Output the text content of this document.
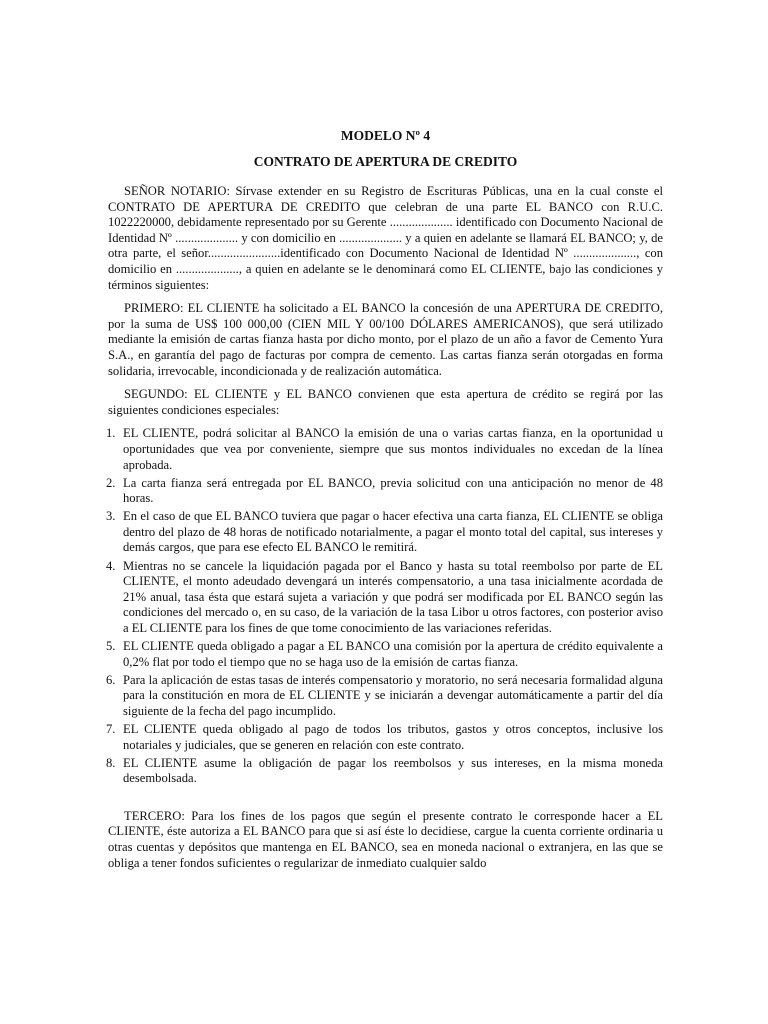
MODELO Nº 4
CONTRATO DE APERTURA DE CREDITO

SEÑOR NOTARIO: Sírvase extender en su Registro de Escrituras Públicas, una en la cual conste el CONTRATO DE APERTURA DE CREDITO que celebran de una parte EL BANCO con R.U.C. 1022220000, debidamente representado por su Gerente .................... identificado con Documento Nacional de Identidad Nº .................... y con domicilio en .................... y a quien en adelante se llamará EL BANCO; y, de otra parte, el señor.......................identificado con Documento Nacional de Identidad Nº ...................., con domicilio en ...................., a quien en adelante se le denominará como EL CLIENTE, bajo las condiciones y términos siguientes:

PRIMERO: EL CLIENTE ha solicitado a EL BANCO la concesión de una APERTURA DE CREDITO, por la suma de US$ 100 000,00 (CIEN MIL Y 00/100 DÓLARES AMERICANOS), que será utilizado mediante la emisión de cartas fianza hasta por dicho monto, por el plazo de un año a favor de Cemento Yura S.A., en garantía del pago de facturas por compra de cemento. Las cartas fianza serán otorgadas en forma solidaria, irrevocable, incondicionada y de realización automática.

SEGUNDO: EL CLIENTE y EL BANCO convienen que esta apertura de crédito se regirá por las siguientes condiciones especiales:

1. EL CLIENTE, podrá solicitar al BANCO la emisión de una o varias cartas fianza, en la oportunidad u oportunidades que vea por conveniente, siempre que sus montos individuales no excedan de la línea aprobada.
2. La carta fianza será entregada por EL BANCO, previa solicitud con una anticipación no menor de 48 horas.
3. En el caso de que EL BANCO tuviera que pagar o hacer efectiva una carta fianza, EL CLIENTE se obliga dentro del plazo de 48 horas de notificado notarialmente, a pagar el monto total del capital, sus intereses y demás cargos, que para ese efecto EL BANCO le remitirá.
4. Mientras no se cancele la liquidación pagada por el Banco y hasta su total reembolso por parte de EL CLIENTE, el monto adeudado devengará un interés compensatorio, a una tasa inicialmente acordada de 21% anual, tasa ésta que estará sujeta a variación y que podrá ser modificada por EL BANCO según las condiciones del mercado o, en su caso, de la variación de la tasa Libor u otros factores, con posterior aviso a EL CLIENTE para los fines de que tome conocimiento de las variaciones referidas.
5. EL CLIENTE queda obligado a pagar a EL BANCO una comisión por la apertura de crédito equivalente a 0,2% flat por todo el tiempo que no se haga uso de la emisión de cartas fianza.
6. Para la aplicación de estas tasas de interés compensatorio y moratorio, no será necesaria formalidad alguna para la constitución en mora de EL CLIENTE y se iniciarán a devengar automáticamente a partir del día siguiente de la fecha del pago incumplido.
7. EL CLIENTE queda obligado al pago de todos los tributos, gastos y otros conceptos, inclusive los notariales y judiciales, que se generen en relación con este contrato.
8. EL CLIENTE asume la obligación de pagar los reembolsos y sus intereses, en la misma moneda desembolsada.

TERCERO: Para los fines de los pagos que según el presente contrato le corresponde hacer a EL CLIENTE, éste autoriza a EL BANCO para que si así éste lo decidiese, cargue la cuenta corriente ordinaria u otras cuentas y depósitos que mantenga en EL BANCO, sea en moneda nacional o extranjera, en las que se obliga a tener fondos suficientes o regularizar de inmediato cualquier saldo
